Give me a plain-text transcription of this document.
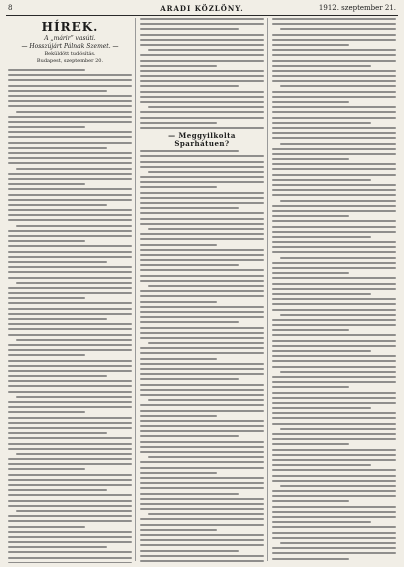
8	ARADI KÖZLÖNY.	1912. szeptember 21.
HÍREK.
A „márir” vasúti.
— Hosszújárt Pálnak Szemet. —
Beküldött tudósítás.
Budapest, szeptember 20.
— Meggyilkolta Sparhátuen?
